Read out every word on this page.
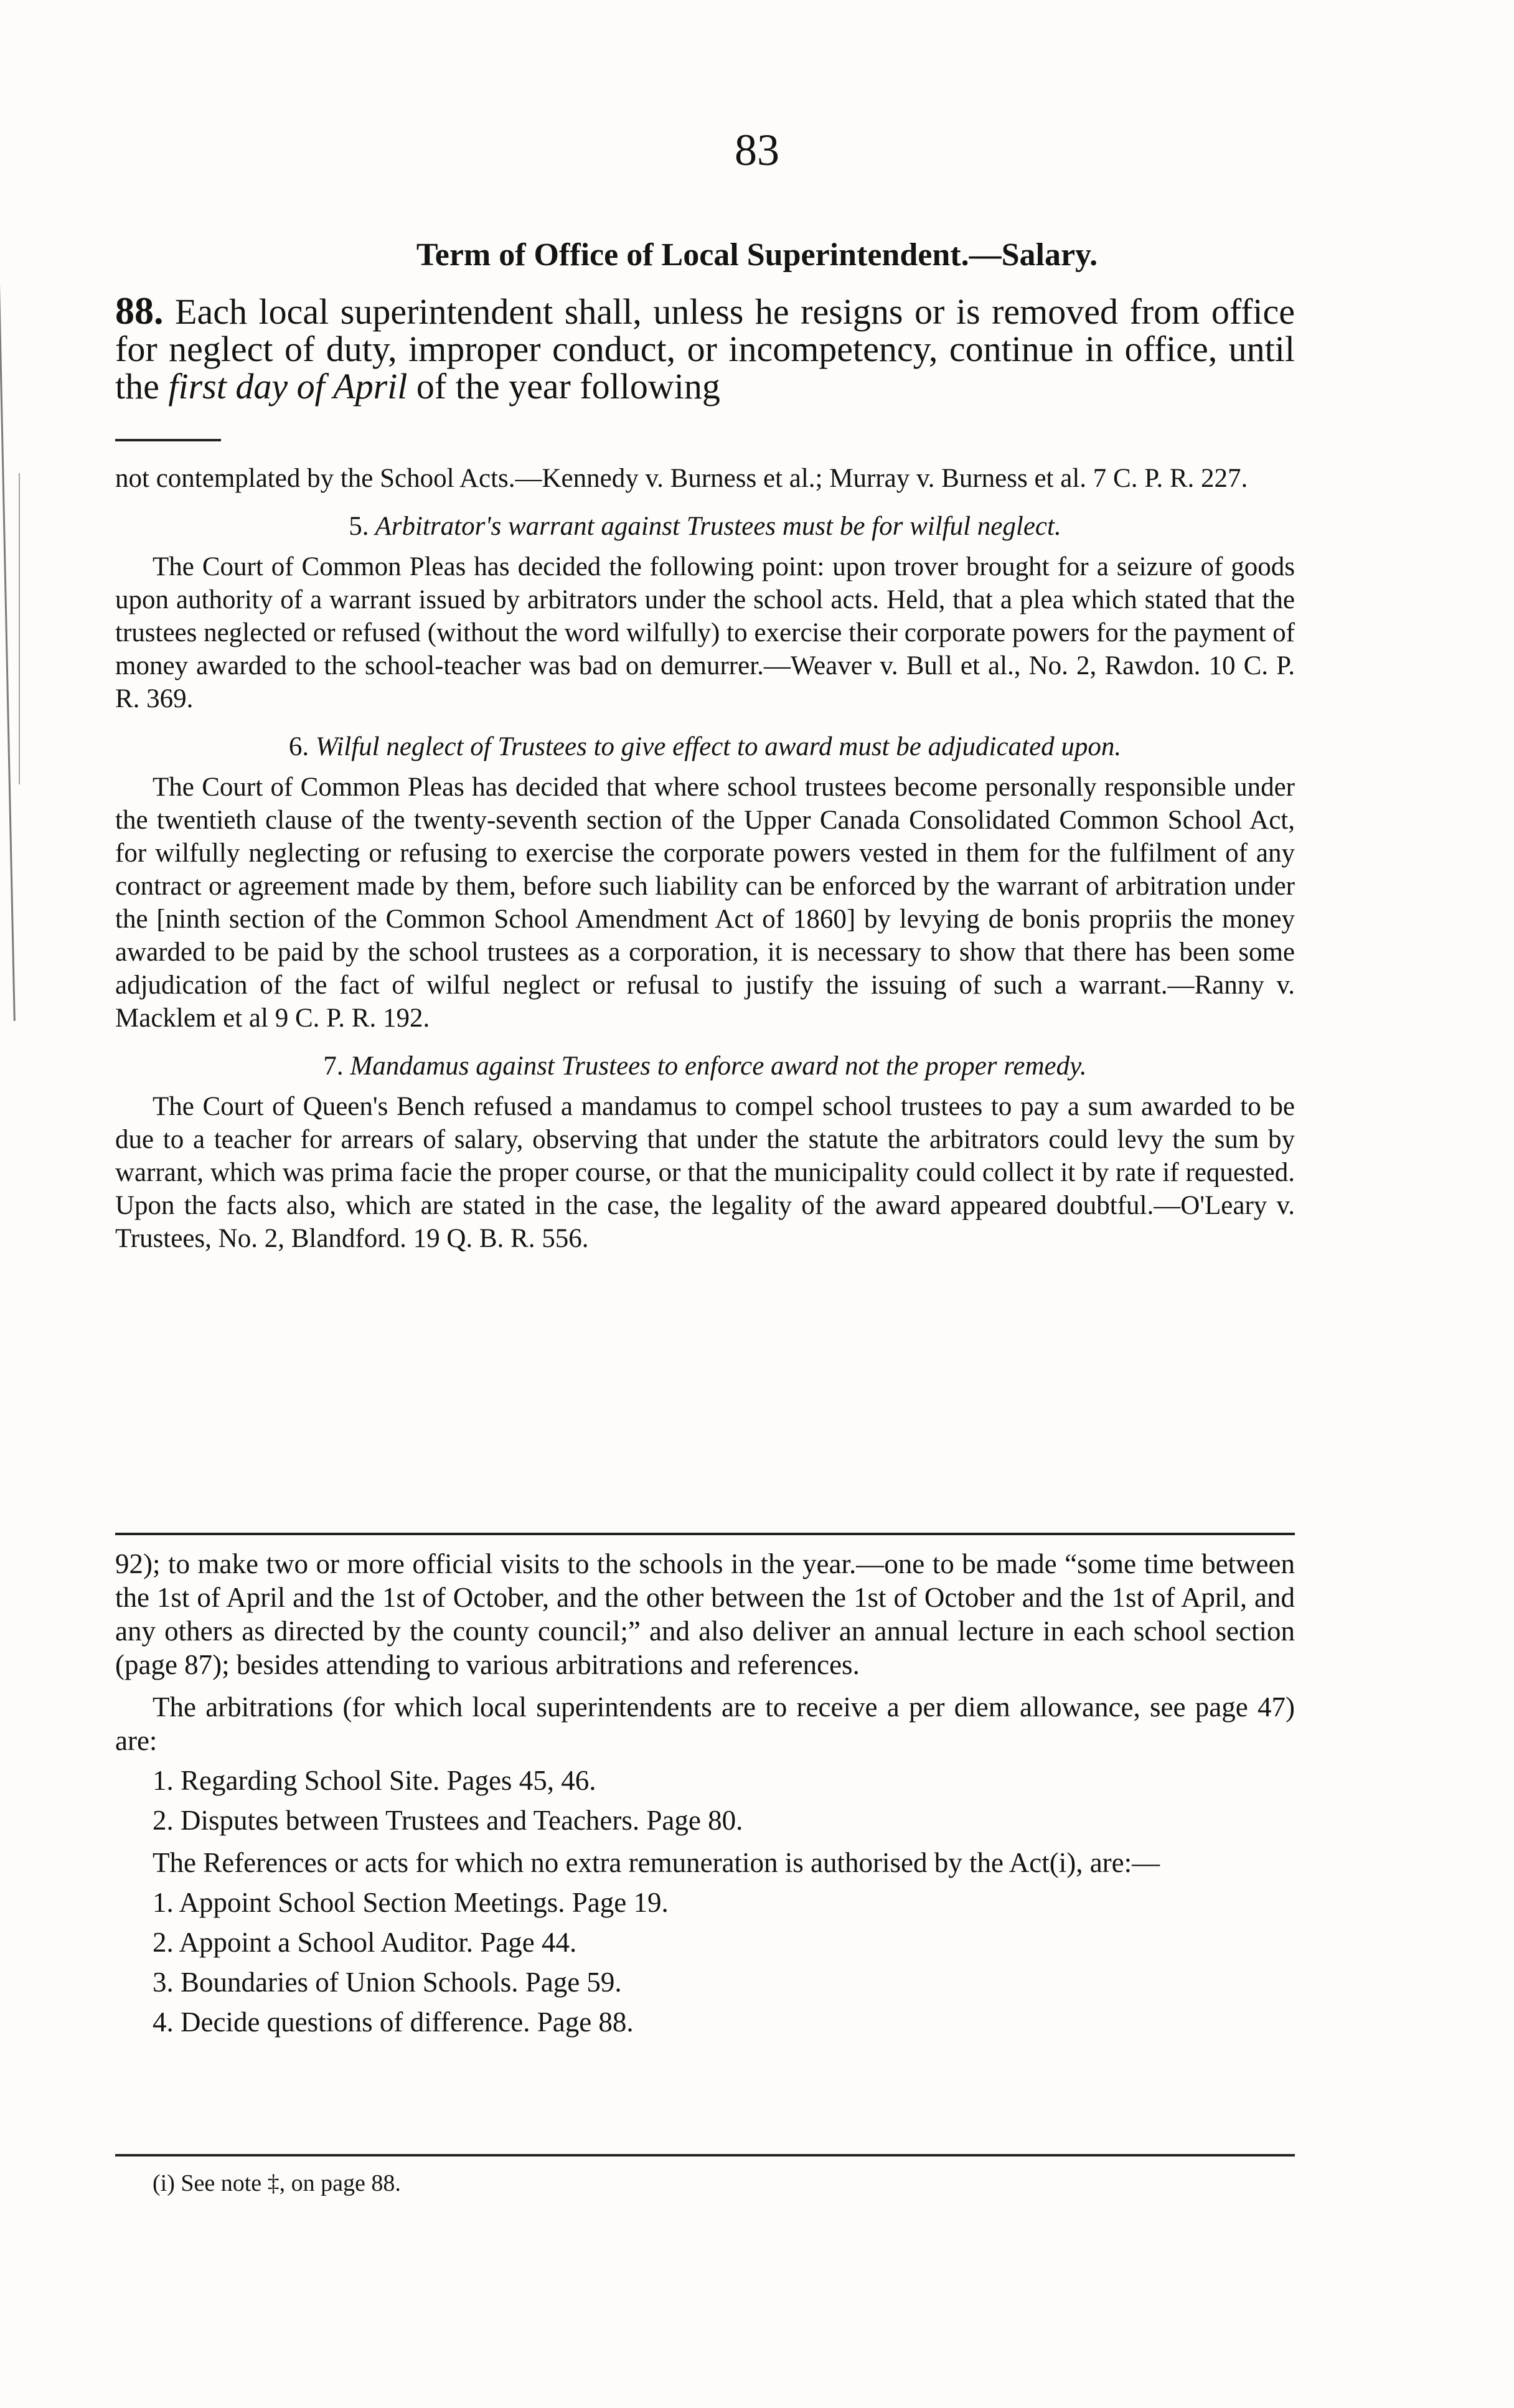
83
Term of Office of Local Superintendent.—Salary.

88. Each local superintendent shall, unless he resigns or is removed from office for neglect of duty, improper conduct, or incompetency, continue in office, until the first day of April of the year following

not contemplated by the School Acts.—Kennedy v. Burness et al.; Murray v. Burness et al. 7 C. P. R. 227.

5. Arbitrator's warrant against Trustees must be for wilful neglect.

The Court of Common Pleas has decided the following point: upon trover brought for a seizure of goods upon authority of a warrant issued by arbitrators under the school acts. Held, that a plea which stated that the trustees neglected or refused (without the word wilfully) to exercise their corporate powers for the payment of money awarded to the school-teacher was bad on demurrer.—Weaver v. Bull et al., No. 2, Rawdon. 10 C. P. R. 369.

6. Wilful neglect of Trustees to give effect to award must be adjudicated upon.

The Court of Common Pleas has decided that where school trustees become personally responsible under the twentieth clause of the twenty-seventh section of the Upper Canada Consolidated Common School Act, for wilfully neglecting or refusing to exercise the corporate powers vested in them for the fulfilment of any contract or agreement made by them, before such liability can be enforced by the warrant of arbitration under the [ninth section of the Common School Amendment Act of 1860] by levying de bonis propriis the money awarded to be paid by the school trustees as a corporation, it is necessary to show that there has been some adjudication of the fact of wilful neglect or refusal to justify the issuing of such a warrant.—Ranny v. Macklem et al 9 C. P. R. 192.

7. Mandamus against Trustees to enforce award not the proper remedy.

The Court of Queen's Bench refused a mandamus to compel school trustees to pay a sum awarded to be due to a teacher for arrears of salary, observing that under the statute the arbitrators could levy the sum by warrant, which was prima facie the proper course, or that the municipality could collect it by rate if requested. Upon the facts also, which are stated in the case, the legality of the award appeared doubtful.—O'Leary v. Trustees, No. 2, Blandford. 19 Q. B. R. 556.

92); to make two or more official visits to the schools in the year.—one to be made “some time between the 1st of April and the 1st of October, and the other between the 1st of October and the 1st of April, and any others as directed by the county council;” and also deliver an annual lecture in each school section (page 87); besides attending to various arbitrations and references.

The arbitrations (for which local superintendents are to receive a per diem allowance, see page 47) are:

1. Regarding School Site. Pages 45, 46.
2. Disputes between Trustees and Teachers. Page 80.

The References or acts for which no extra remuneration is authorised by the Act(i), are:—

1. Appoint School Section Meetings. Page 19.
2. Appoint a School Auditor. Page 44.
3. Boundaries of Union Schools. Page 59.
4. Decide questions of difference. Page 88.
(i) See note ‡, on page 88.
